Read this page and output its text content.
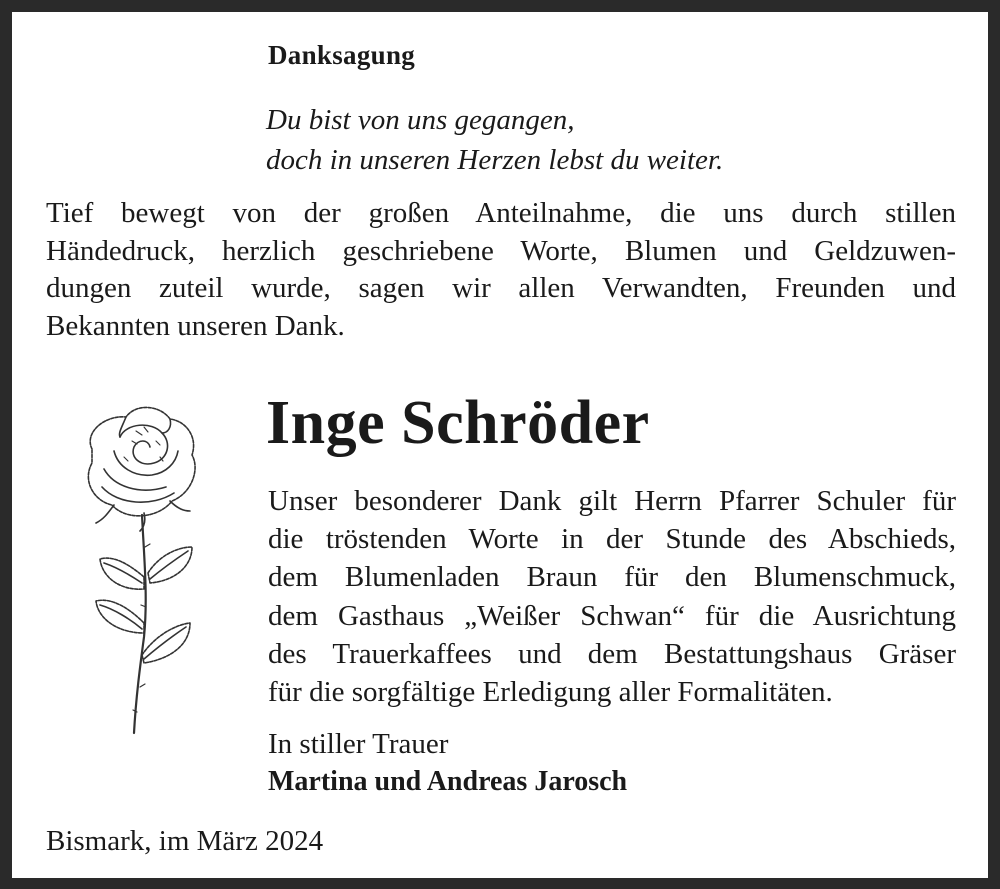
Danksagung
Du bist von uns gegangen,
doch in unseren Herzen lebst du weiter.
Tief bewegt von der großen Anteilnahme, die uns durch stillen
Händedruck, herzlich geschriebene Worte, Blumen und Geldzuwen-
dungen zuteil wurde, sagen wir allen Verwandten, Freunden und
Bekannten unseren Dank.
Inge Schröder
Unser besonderer Dank gilt Herrn Pfarrer Schuler für
die tröstenden Worte in der Stunde des Abschieds,
dem Blumenladen Braun für den Blumenschmuck,
dem Gasthaus „Weißer Schwan“ für die Ausrichtung
des Trauerkaffees und dem Bestattungshaus Gräser
für die sorgfältige Erledigung aller Formalitäten.
In stiller Trauer
Martina und Andreas Jarosch
Bismark, im März 2024
